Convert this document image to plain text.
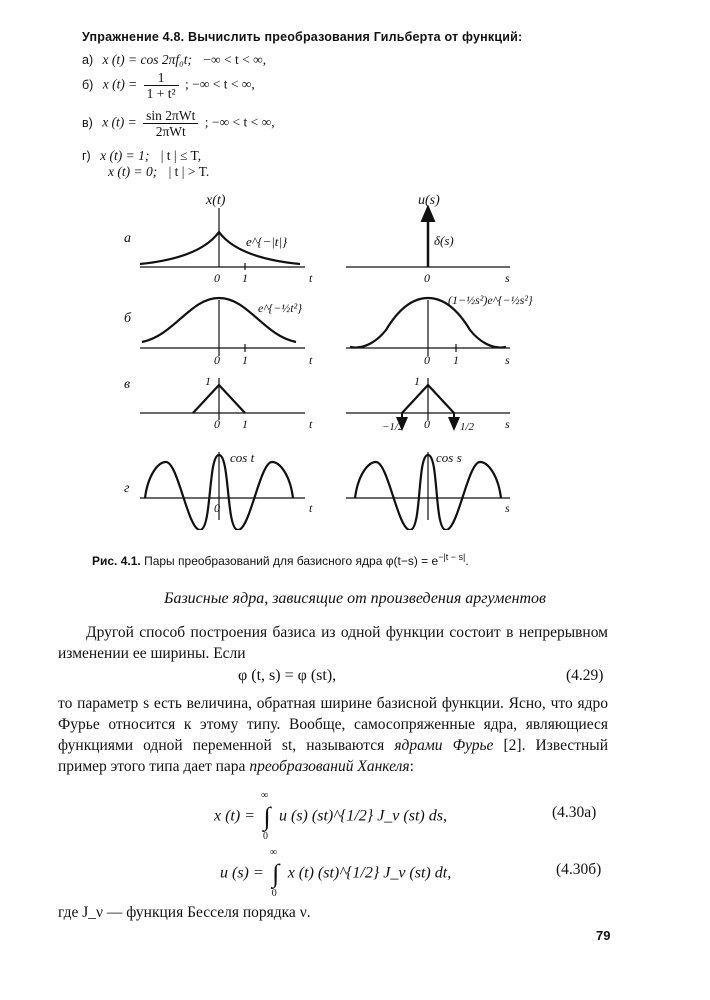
Упражнение 4.8. Вычислить преобразования Гильберта от функций:
а) x (t) = cos 2πf₀t; −∞ < t < ∞,
б) x $(t) = \frac{1}{\text{1 + t²}}$ ; −∞ < t < ∞,
в) x $(t) = \frac{\text{sin 2πWt}}{\text{2πWt}}$ ; −∞ < t < ∞,
г) x (t) = 1; | t | ≤ T,
x (t) = 0; | t | > T.
x(t)	u(s)
а
б
в
г
e^{−|t|}	δ(s)
e^{−½t²}
(1−½s²)e^{−½s²}
cos t	cos s
0 1	t	0	s
0 1	t	0 1	s
1
0 1	t
1
0
−1/2	1/2	s
0	t	s
Рис. 4.1. Пары преобразований для базисного ядра $\varphi(t-s) = e^{-|t - s|}$.
Базисные ядра, зависящие от произведения аргументов
Другой способ построения базиса из одной функции состоит в непрерывном изменении ее ширины. Если
φ (t, s) = φ (st),	(4.29)
то параметр s есть величина, обратная ширине базисной функции. Ясно, что ядро Фурье относится к этому типу. Вообще, самосопряженные ядра, являющиеся функциями одной переменной st, называются ядрами Фурье [2]. Известный пример этого типа дает пара преобразований Ханкеля:
x (t) =
∞
∫
0
u (s) (st)^{1/2} J_ν (st) ds,	(4.30а)
u (s) =
∞
∫
0
x (t) (st)^{1/2} J_ν (st) dt,	(4.30б)
где J_ν — функция Бесселя порядка ν.
79
